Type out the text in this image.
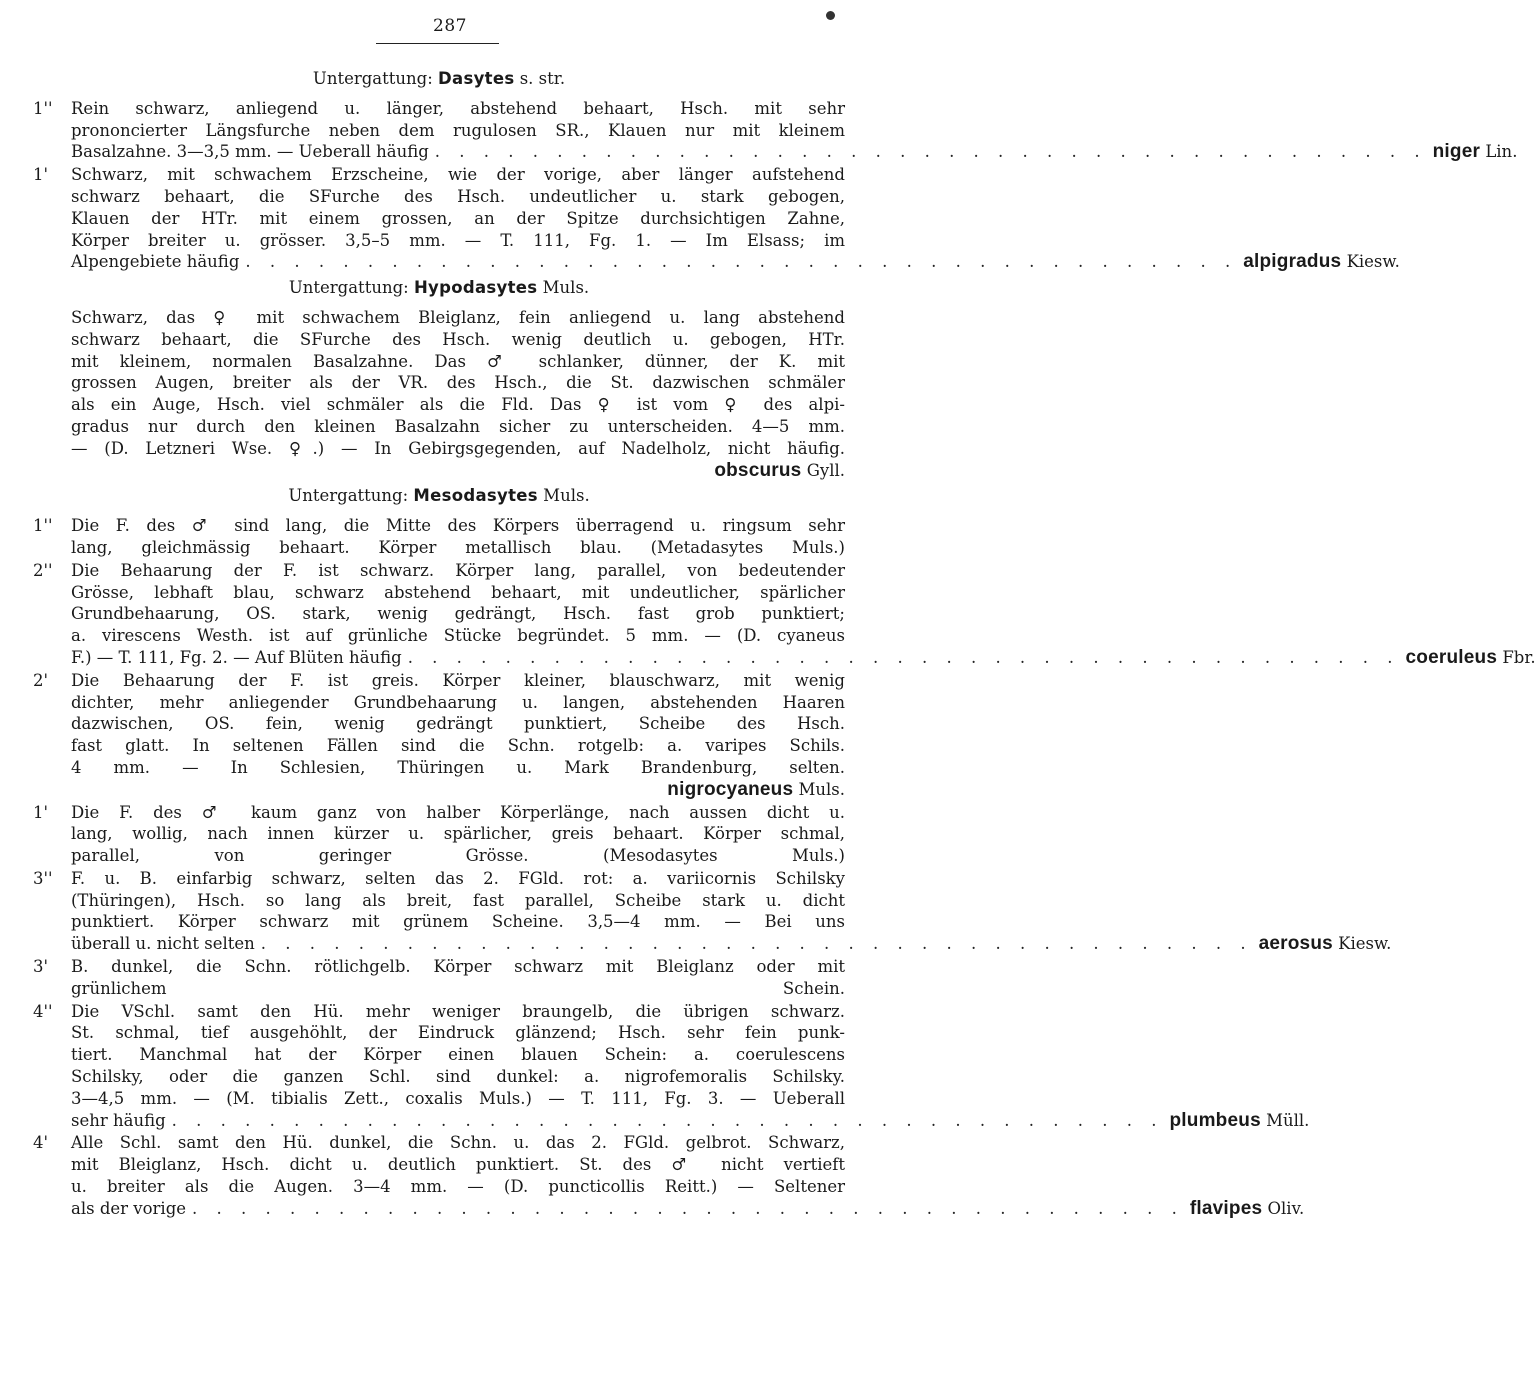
287
Untergattung: Dasytes s. str.
1''	Rein schwarz, anliegend u. länger, abstehend behaart, Hsch. mit sehr
prononcierter Längsfurche neben dem rugulosen SR., Klauen nur mit kleinem
Basalzahne. 3—3,5 mm. — Ueberall häufig . . . . . . . . . . . . . . . . . . . . . . . . . . . . . . . . . . . . . . . . . niger Lin.
1'	Schwarz, mit schwachem Erzscheine, wie der vorige, aber länger aufstehend
schwarz behaart, die SFurche des Hsch. undeutlicher u. stark gebogen,
Klauen der HTr. mit einem grossen, an der Spitze durchsichtigen Zahne,
Körper breiter u. grösser. 3,5–5 mm. — T. 111, Fg. 1. — Im Elsass; im
Alpengebiete häufig . . . . . . . . . . . . . . . . . . . . . . . . . . . . . . . . . . . . . . . . . alpigradus Kiesw.
Untergattung: Hypodasytes Muls.
Schwarz, das ♀ mit schwachem Bleiglanz, fein anliegend u. lang abstehend
schwarz behaart, die SFurche des Hsch. wenig deutlich u. gebogen, HTr.
mit kleinem, normalen Basalzahne. Das ♂ schlanker, dünner, der K. mit
grossen Augen, breiter als der VR. des Hsch., die St. dazwischen schmäler
als ein Auge, Hsch. viel schmäler als die Fld. Das ♀ ist vom ♀ des alpi-
gradus nur durch den kleinen Basalzahn sicher zu unterscheiden. 4—5 mm.
— (D. Letzneri Wse. ♀.) — In Gebirgsgegenden, auf Nadelholz, nicht häufig.
obscurus Gyll.
Untergattung: Mesodasytes Muls.
1''	Die F. des ♂ sind lang, die Mitte des Körpers überragend u. ringsum sehr
lang, gleichmässig behaart. Körper metallisch blau. (Metadasytes Muls.)
2''	Die Behaarung der F. ist schwarz. Körper lang, parallel, von bedeutender
Grösse, lebhaft blau, schwarz abstehend behaart, mit undeutlicher, spärlicher
Grundbehaarung, OS. stark, wenig gedrängt, Hsch. fast grob punktiert;
a. virescens Westh. ist auf grünliche Stücke begründet. 5 mm. — (D. cyaneus
F.) — T. 111, Fg. 2. — Auf Blüten häufig . . . . . . . . . . . . . . . . . . . . . . . . . . . . . . . . . . . . . . . . . coeruleus Fbr.
2'	Die Behaarung der F. ist greis. Körper kleiner, blauschwarz, mit wenig
dichter, mehr anliegender Grundbehaarung u. langen, abstehenden Haaren
dazwischen, OS. fein, wenig gedrängt punktiert, Scheibe des Hsch.
fast glatt. In seltenen Fällen sind die Schn. rotgelb: a. varipes Schils.
4 mm. — In Schlesien, Thüringen u. Mark Brandenburg, selten.
nigrocyaneus Muls.
1'	Die F. des ♂ kaum ganz von halber Körperlänge, nach aussen dicht u.
lang, wollig, nach innen kürzer u. spärlicher, greis behaart. Körper schmal,
parallel, von geringer Grösse. (Mesodasytes Muls.)
3''	F. u. B. einfarbig schwarz, selten das 2. FGld. rot: a. variicornis Schilsky
(Thüringen), Hsch. so lang als breit, fast parallel, Scheibe stark u. dicht
punktiert. Körper schwarz mit grünem Scheine. 3,5—4 mm. — Bei uns
überall u. nicht selten . . . . . . . . . . . . . . . . . . . . . . . . . . . . . . . . . . . . . . . . . aerosus Kiesw.
3'	B. dunkel, die Schn. rötlichgelb. Körper schwarz mit Bleiglanz oder mit
grünlichem Schein.
4''	Die VSchl. samt den Hü. mehr weniger braungelb, die übrigen schwarz.
St. schmal, tief ausgehöhlt, der Eindruck glänzend; Hsch. sehr fein punk-
tiert. Manchmal hat der Körper einen blauen Schein: a. coerulescens
Schilsky, oder die ganzen Schl. sind dunkel: a. nigrofemoralis Schilsky.
3—4,5 mm. — (M. tibialis Zett., coxalis Muls.) — T. 111, Fg. 3. — Ueberall
sehr häufig . . . . . . . . . . . . . . . . . . . . . . . . . . . . . . . . . . . . . . . . . plumbeus Müll.
4'	Alle Schl. samt den Hü. dunkel, die Schn. u. das 2. FGld. gelbrot. Schwarz,
mit Bleiglanz, Hsch. dicht u. deutlich punktiert. St. des ♂ nicht vertieft
u. breiter als die Augen. 3—4 mm. — (D. puncticollis Reitt.) — Seltener
als der vorige . . . . . . . . . . . . . . . . . . . . . . . . . . . . . . . . . . . . . . . . . flavipes Oliv.
